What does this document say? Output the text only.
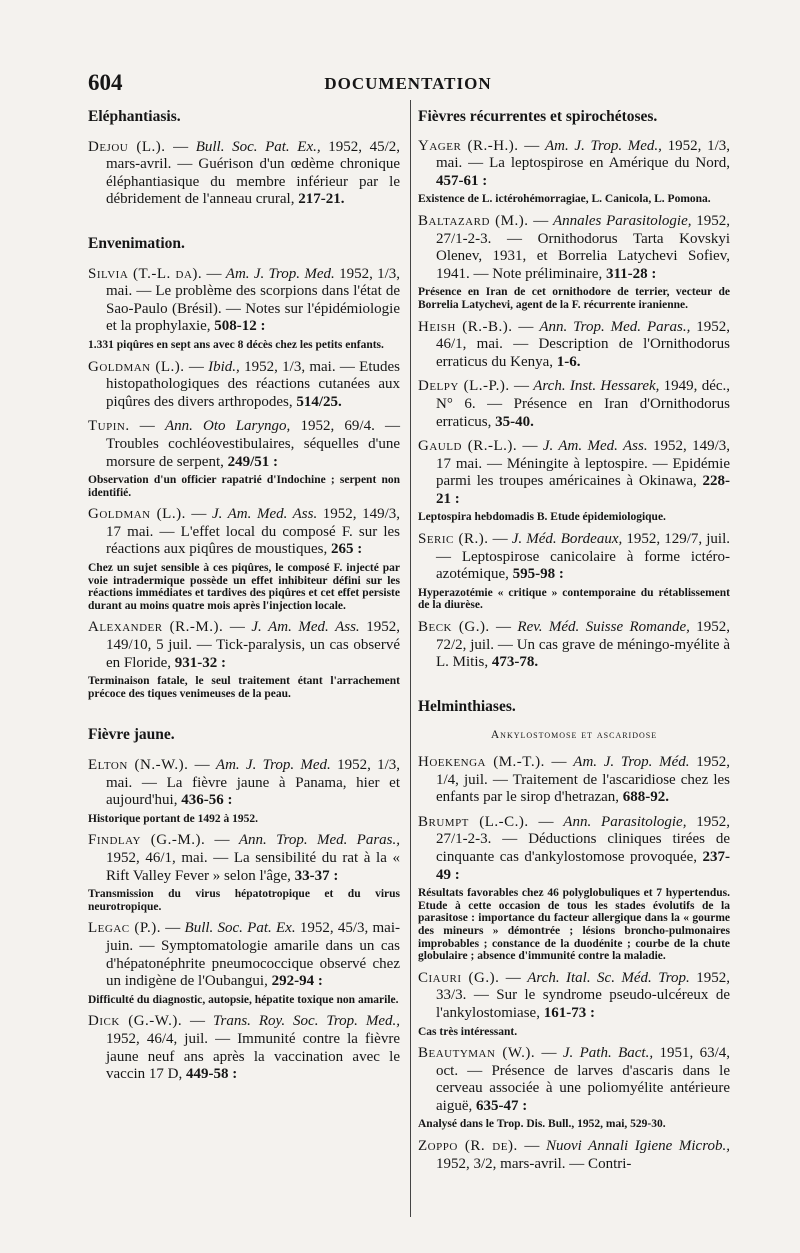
604	DOCUMENTATION
Eléphantiasis.
Dejou (L.). — Bull. Soc. Pat. Ex., 1952, 45/2, mars-avril. — Guérison d'un œdème chronique éléphantiasique du membre inférieur par le débridement de l'anneau crural, 217-21.
Envenimation.
Silvia (T.-L. da). — Am. J. Trop. Med. 1952, 1/3, mai. — Le problème des scorpions dans l'état de Sao-Paulo (Brésil). — Notes sur l'épidémiologie et la prophylaxie, 508-12 :
1.331 piqûres en sept ans avec 8 décès chez les petits enfants.
Goldman (L.). — Ibid., 1952, 1/3, mai. — Etudes histopathologiques des réactions cutanées aux piqûres des divers arthropodes, 514/25.
Tupin. — Ann. Oto Laryngo, 1952, 69/4. — Troubles cochléovestibulaires, séquelles d'une morsure de serpent, 249/51 :
Observation d'un officier rapatrié d'Indochine ; serpent non identifié.
Goldman (L.). — J. Am. Med. Ass. 1952, 149/3, 17 mai. — L'effet local du composé F. sur les réactions aux piqûres de moustiques, 265 :
Chez un sujet sensible à ces piqûres, le composé F. injecté par voie intradermique possède un effet inhibiteur défini sur les réactions immédiates et tardives des piqûres et cet effet persiste durant au moins quatre mois après l'injection locale.
Alexander (R.-M.). — J. Am. Med. Ass. 1952, 149/10, 5 juil. — Tick-paralysis, un cas observé en Floride, 931-32 :
Terminaison fatale, le seul traitement étant l'arrachement précoce des tiques venimeuses de la peau.
Fièvre jaune.
Elton (N.-W.). — Am. J. Trop. Med. 1952, 1/3, mai. — La fièvre jaune à Panama, hier et aujourd'hui, 436-56 :
Historique portant de 1492 à 1952.
Findlay (G.-M.). — Ann. Trop. Med. Paras., 1952, 46/1, mai. — La sensibilité du rat à la « Rift Valley Fever » selon l'âge, 33-37 :
Transmission du virus hépatotropique et du virus neurotropique.
Legac (P.). — Bull. Soc. Pat. Ex. 1952, 45/3, mai-juin. — Symptomatologie amarile dans un cas d'hépatonéphrite pneumococcique observé chez un indigène de l'Oubangui, 292-94 :
Difficulté du diagnostic, autopsie, hépatite toxique non amarile.
Dick (G.-W.). — Trans. Roy. Soc. Trop. Med., 1952, 46/4, juil. — Immunité contre la fièvre jaune neuf ans après la vaccination avec le vaccin 17 D, 449-58 :
Fièvres récurrentes et spirochétoses.
Yager (R.-H.). — Am. J. Trop. Med., 1952, 1/3, mai. — La leptospirose en Amérique du Nord, 457-61 :
Existence de L. ictérohémorragiae, L. Canicola, L. Pomona.
Baltazard (M.). — Annales Parasitologie, 1952, 27/1-2-3. — Ornithodorus Tarta Kovskyi Olenev, 1931, et Borrelia Latychevi Sofiev, 1941. — Note préliminaire, 311-28 :
Présence en Iran de cet ornithodore de terrier, vecteur de Borrelia Latychevi, agent de la F. récurrente iranienne.
Heish (R.-B.). — Ann. Trop. Med. Paras., 1952, 46/1, mai. — Description de l'Ornithodorus erraticus du Kenya, 1-6.
Delpy (L.-P.). — Arch. Inst. Hessarek, 1949, déc., N° 6. — Présence en Iran d'Ornithodorus erraticus, 35-40.
Gauld (R.-L.). — J. Am. Med. Ass. 1952, 149/3, 17 mai. — Méningite à leptospire. — Epidémie parmi les troupes américaines à Okinawa, 228-21 :
Leptospira hebdomadis B. Etude épidemiologique.
Seric (R.). — J. Méd. Bordeaux, 1952, 129/7, juil. — Leptospirose canicolaire à forme ictéro-azotémique, 595-98 :
Hyperazotémie « critique » contemporaine du rétablissement de la diurèse.
Beck (G.). — Rev. Méd. Suisse Romande, 1952, 72/2, juil. — Un cas grave de méningo-myélite à L. Mitis, 473-78.
Helminthiases.
Ankylostomose et ascaridose
Hoekenga (M.-T.). — Am. J. Trop. Méd. 1952, 1/4, juil. — Traitement de l'ascaridiose chez les enfants par le sirop d'hetrazan, 688-92.
Brumpt (L.-C.). — Ann. Parasitologie, 1952, 27/1-2-3. — Déductions cliniques tirées de cinquante cas d'ankylostomose provoquée, 237-49 :
Résultats favorables chez 46 polyglobuliques et 7 hypertendus. Etude à cette occasion de tous les stades évolutifs de la parasitose : importance du facteur allergique dans la « gourme des mineurs » démontrée ; lésions broncho-pulmonaires improbables ; constance de la duodénite ; courbe de la chute globulaire ; absence d'immunité contre la maladie.
Ciauri (G.). — Arch. Ital. Sc. Méd. Trop. 1952, 33/3. — Sur le syndrome pseudo-ulcéreux de l'ankylostomiase, 161-73 :
Cas très intéressant.
Beautyman (W.). — J. Path. Bact., 1951, 63/4, oct. — Présence de larves d'ascaris dans le cerveau associée à une poliomyélite antérieure aiguë, 635-47 :
Analysé dans le Trop. Dis. Bull., 1952, mai, 529-30.
Zoppo (R. de). — Nuovi Annali Igiene Microb., 1952, 3/2, mars-avril. — Contri-
